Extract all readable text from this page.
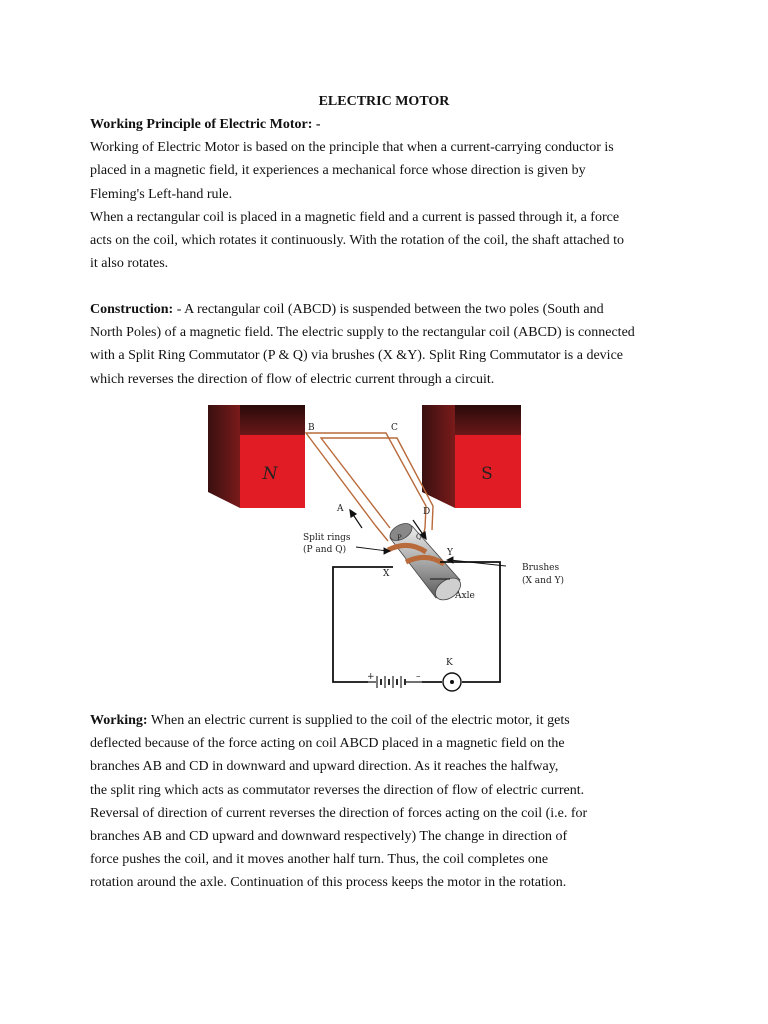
ELECTRIC MOTOR
Working Principle of Electric Motor: -
Working of Electric Motor is based on the principle that when a current-carrying conductor is
placed in a magnetic field, it experiences a mechanical force whose direction is given by
Fleming's Left-hand rule.
When a rectangular coil is placed in a magnetic field and a current is passed through it, a force
acts on the coil, which rotates it continuously. With the rotation of the coil, the shaft attached to
it also rotates.
Construction: - A rectangular coil (ABCD) is suspended between the two poles (South and
North Poles) of a magnetic field. The electric supply to the rectangular coil (ABCD) is connected
with a Split Ring Commutator (P & Q) via brushes (X &Y). Split Ring Commutator is a device
which reverses the direction of flow of electric current through a circuit.
N	S
B	C
A	D
P Q
X
Y
Split rings
(P and Q)
Brushes
(X and Y)
Axle
+	–
K
Working: When an electric current is supplied to the coil of the electric motor, it gets
deflected because of the force acting on coil ABCD placed in a magnetic field on the
branches AB and CD in downward and upward direction. As it reaches the halfway,
the split ring which acts as commutator reverses the direction of flow of electric current.
Reversal of direction of current reverses the direction of forces acting on the coil (i.e. for
branches AB and CD upward and downward respectively) The change in direction of
force pushes the coil, and it moves another half turn. Thus, the coil completes one
rotation around the axle. Continuation of this process keeps the motor in the rotation.
